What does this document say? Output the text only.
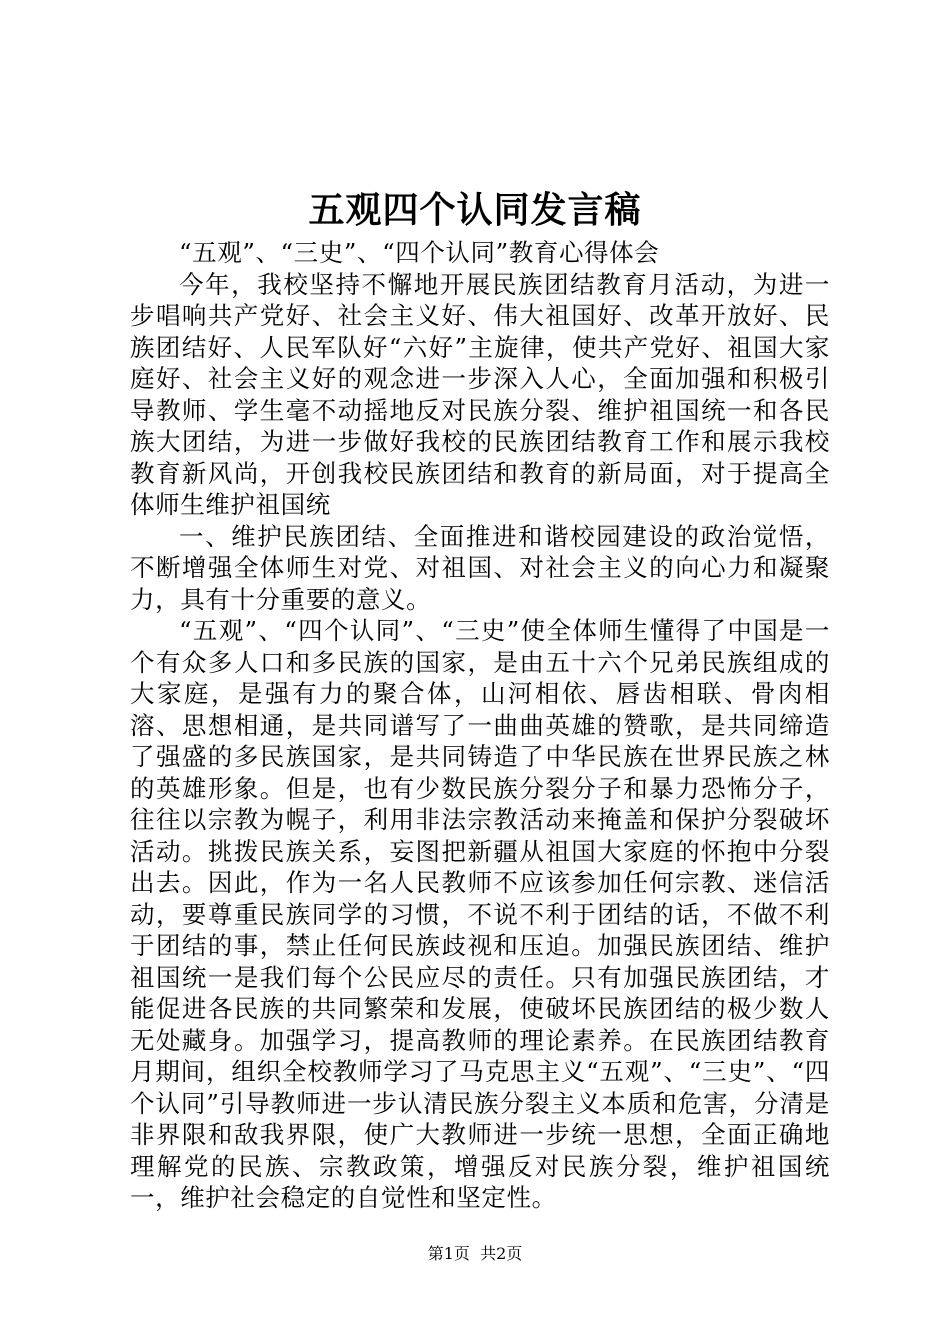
五观四个认同发言稿

“五观”、“三史”、“四个认同”教育心得体会

今年，我校坚持不懈地开展民族团结教育月活动，为进一步唱响共产党好、社会主义好、伟大祖国好、改革开放好、民族团结好、人民军队好“六好”主旋律，使共产党好、祖国大家庭好、社会主义好的观念进一步深入人心，全面加强和积极引导教师、学生毫不动摇地反对民族分裂、维护祖国统一和各民族大团结，为进一步做好我校的民族团结教育工作和展示我校教育新风尚，开创我校民族团结和教育的新局面，对于提高全体师生维护祖国统

一、维护民族团结、全面推进和谐校园建设的政治觉悟，不断增强全体师生对党、对祖国、对社会主义的向心力和凝聚力，具有十分重要的意义。

“五观”、“四个认同”、“三史”使全体师生懂得了中国是一个有众多人口和多民族的国家，是由五十六个兄弟民族组成的大家庭，是强有力的聚合体，山河相依、唇齿相联、骨肉相溶、思想相通，是共同谱写了一曲曲英雄的赞歌，是共同缔造了强盛的多民族国家，是共同铸造了中华民族在世界民族之林的英雄形象。但是，也有少数民族分裂分子和暴力恐怖分子，往往以宗教为幌子，利用非法宗教活动来掩盖和保护分裂破坏活动。挑拨民族关系，妄图把新疆从祖国大家庭的怀抱中分裂出去。因此，作为一名人民教师不应该参加任何宗教、迷信活动，要尊重民族同学的习惯，不说不利于团结的话，不做不利于团结的事，禁止任何民族歧视和压迫。加强民族团结、维护祖国统一是我们每个公民应尽的责任。只有加强民族团结，才能促进各民族的共同繁荣和发展，使破坏民族团结的极少数人无处藏身。加强学习，提高教师的理论素养。在民族团结教育月期间，组织全校教师学习了马克思主义“五观”、“三史”、“四个认同”引导教师进一步认清民族分裂主义本质和危害，分清是非界限和敌我界限，使广大教师进一步统一思想，全面正确地理解党的民族、宗教政策，增强反对民族分裂，维护祖国统一，维护社会稳定的自觉性和坚定性。

第1页 共2页
